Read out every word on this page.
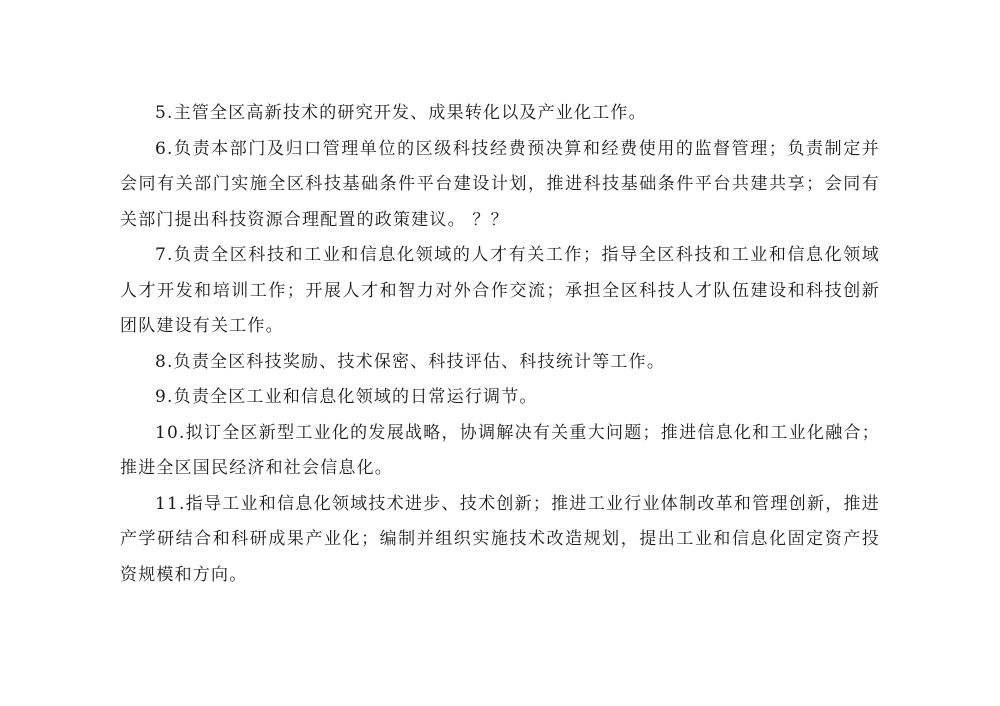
5.主管全区高新技术的研究开发、成果转化以及产业化工作。

6.负责本部门及归口管理单位的区级科技经费预决算和经费使用的监督管理；负责制定并会同有关部门实施全区科技基础条件平台建设计划，推进科技基础条件平台共建共享；会同有关部门提出科技资源合理配置的政策建议。 ？？

7.负责全区科技和工业和信息化领域的人才有关工作；指导全区科技和工业和信息化领域人才开发和培训工作；开展人才和智力对外合作交流；承担全区科技人才队伍建设和科技创新团队建设有关工作。

8.负责全区科技奖励、技术保密、科技评估、科技统计等工作。

9.负责全区工业和信息化领域的日常运行调节。

10.拟订全区新型工业化的发展战略，协调解决有关重大问题；推进信息化和工业化融合；推进全区国民经济和社会信息化。

11.指导工业和信息化领域技术进步、技术创新；推进工业行业体制改革和管理创新，推进产学研结合和科研成果产业化；编制并组织实施技术改造规划，提出工业和信息化固定资产投资规模和方向。
